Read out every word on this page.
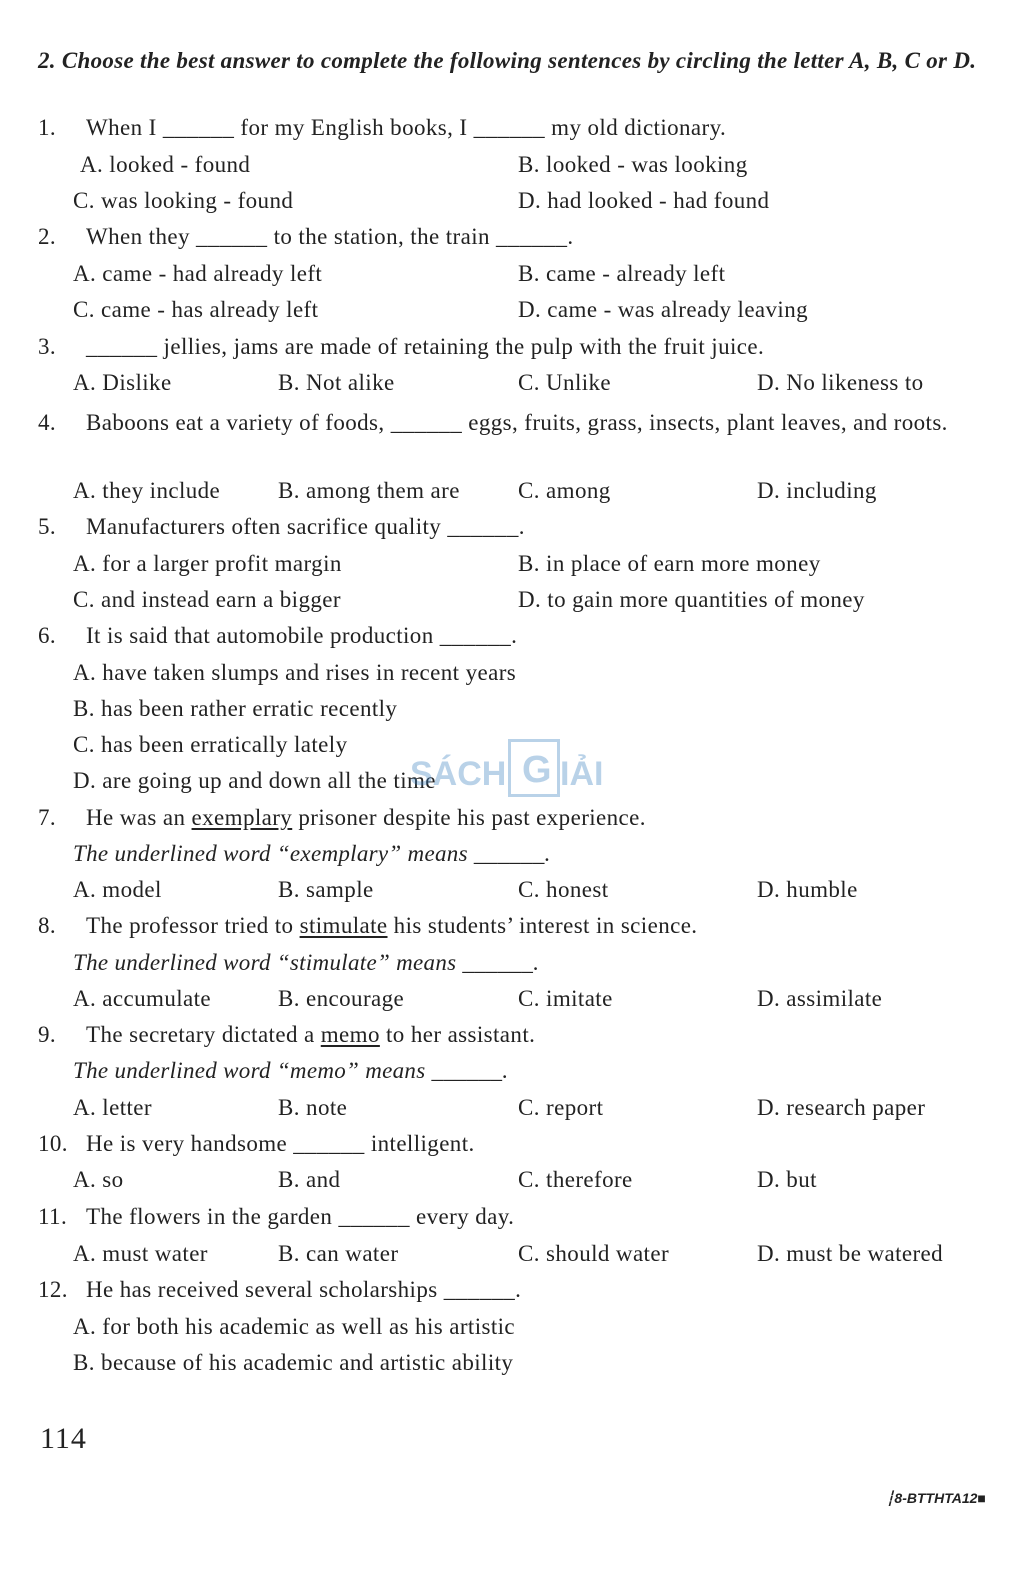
2. Choose the best answer to complete the following sentences by circling the letter A, B, C or D.
1. When I ______ for my English books, I ______ my old dictionary.
A. looked - found	B. looked - was looking
C. was looking - found	D. had looked - had found
2. When they ______ to the station, the train ______.
A. came - had already left	B. came - already left
C. came - has already left	D. came - was already leaving
3. ______ jellies, jams are made of retaining the pulp with the fruit juice.
A. Dislike	B. Not alike	C. Unlike	D. No likeness to
4. Baboons eat a variety of foods, ______ eggs, fruits, grass, insects, plant leaves, and roots.
A. they include	B. among them are	C. among	D. including
5. Manufacturers often sacrifice quality ______.
A. for a larger profit margin	B. in place of earn more money
C. and instead earn a bigger	D. to gain more quantities of money
6. It is said that automobile production ______.
A. have taken slumps and rises in recent years
B. has been rather erratic recently
C. has been erratically lately
D. are going up and down all the time
7. He was an exemplary prisoner despite his past experience.
The underlined word “exemplary” means ______.
A. model	B. sample	C. honest	D. humble
8. The professor tried to stimulate his students’ interest in science.
The underlined word “stimulate” means ______.
A. accumulate	B. encourage	C. imitate	D. assimilate
9. The secretary dictated a memo to her assistant.
The underlined word “memo” means ______.
A. letter	B. note	C. report	D. research paper
10. He is very handsome ______ intelligent.
A. so	B. and	C. therefore	D. but
11. The flowers in the garden ______ every day.
A. must water	B. can water	C. should water	D. must be watered
12. He has received several scholarships ______.
A. for both his academic as well as his artistic
B. because of his academic and artistic ability
SÁCH G IẢI
114
┆8-BTTHTA12■
